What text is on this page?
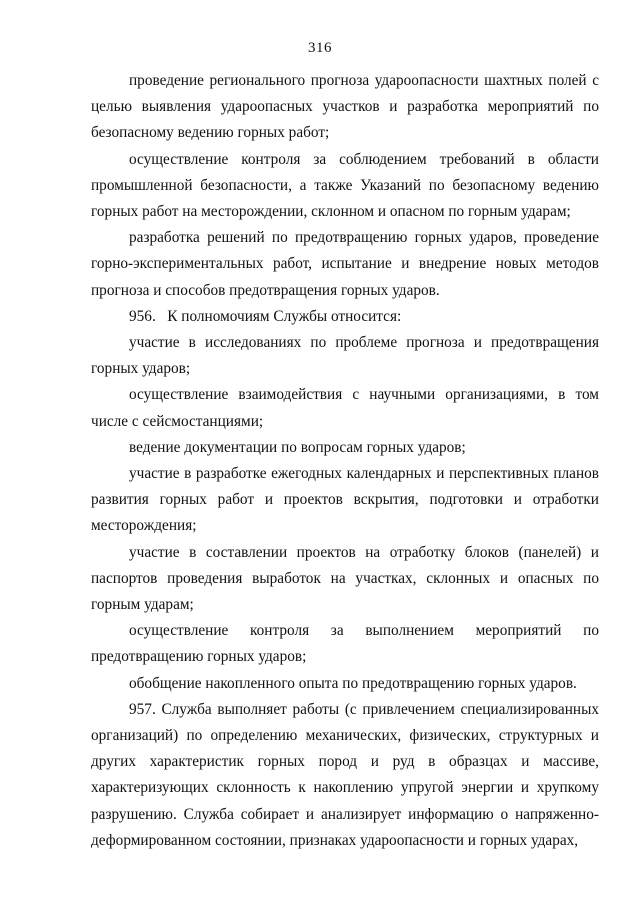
316

проведение регионального прогноза удароопасности шахтных полей с целью выявления удароопасных участков и разработка мероприятий по безопасному ведению горных работ;

осуществление контроля за соблюдением требований в области промышленной безопасности, а также Указаний по безопасному ведению горных работ на месторождении, склонном и опасном по горным ударам;

разработка решений по предотвращению горных ударов, проведение горно-экспериментальных работ, испытание и внедрение новых методов прогноза и способов предотвращения горных ударов.

956.   К полномочиям Службы относится:

участие в исследованиях по проблеме прогноза и предотвращения горных ударов;

осуществление взаимодействия с научными организациями, в том числе с сейсмостанциями;

ведение документации по вопросам горных ударов;

участие в разработке ежегодных календарных и перспективных планов развития горных работ и проектов вскрытия, подготовки и отработки месторождения;

участие в составлении проектов на отработку блоков (панелей) и паспортов проведения выработок на участках, склонных и опасных по горным ударам;

осуществление контроля за выполнением мероприятий по предотвращению горных ударов;

обобщение накопленного опыта по предотвращению горных ударов.

957. Служба выполняет работы (с привлечением специализированных организаций) по определению механических, физических, структурных и других характеристик горных пород и руд в образцах и массиве, характеризующих склонность к накоплению упругой энергии и хрупкому разрушению. Служба собирает и анализирует информацию о напряженно-деформированном состоянии, признаках удароопасности и горных ударах,
